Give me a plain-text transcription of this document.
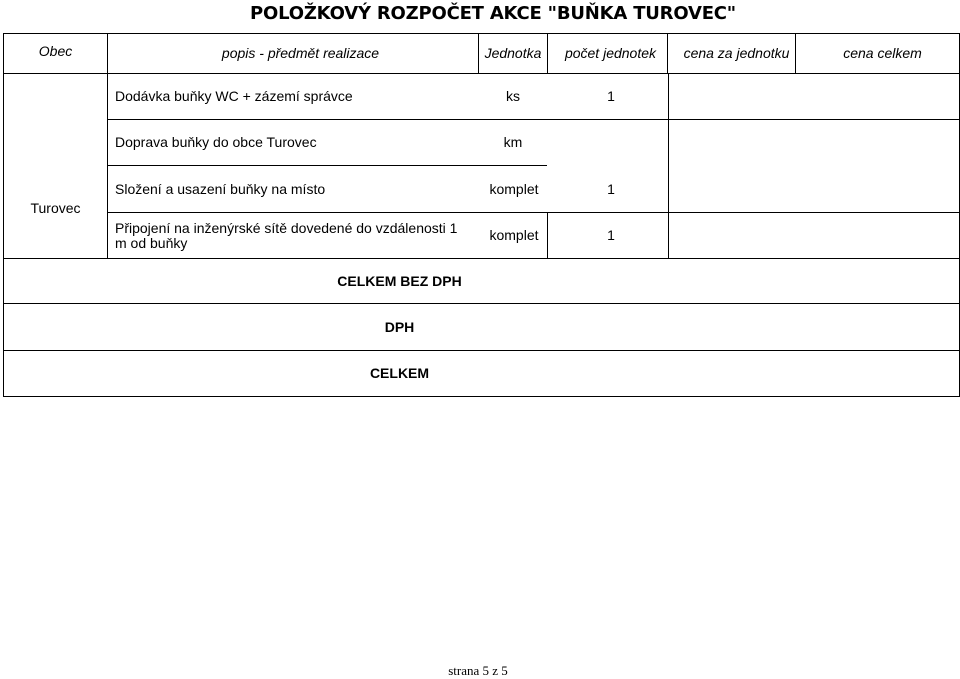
POLOŽKOVÝ ROZPOČET AKCE "BUŇKA TUROVEC"
Obec	popis - předmět realizace	Jednotka	počet jednotek	cena za jednotku	cena celkem
Turovec
Dodávka buňky WC + zázemí správce	ks	1
Doprava buňky do obce Turovec	km
Složení a usazení buňky na místo	komplet	1
Připojení na inženýrské sítě dovedené do vzdálenosti 1 m od buňky	komplet	1
CELKEM BEZ DPH
DPH
CELKEM
strana 5 z 5
